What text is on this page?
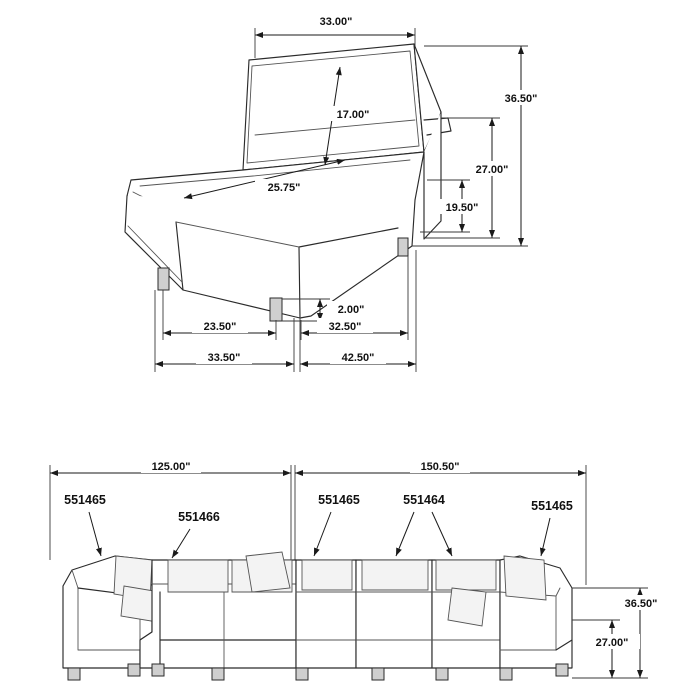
33.00"
17.00"
25.75"
36.50"
27.00"
19.50"
2.00"
23.50"	32.50"
33.50"	42.50"
125.00"	150.50"
36.50"
27.00"
551465
551466
551465	551464	551465
